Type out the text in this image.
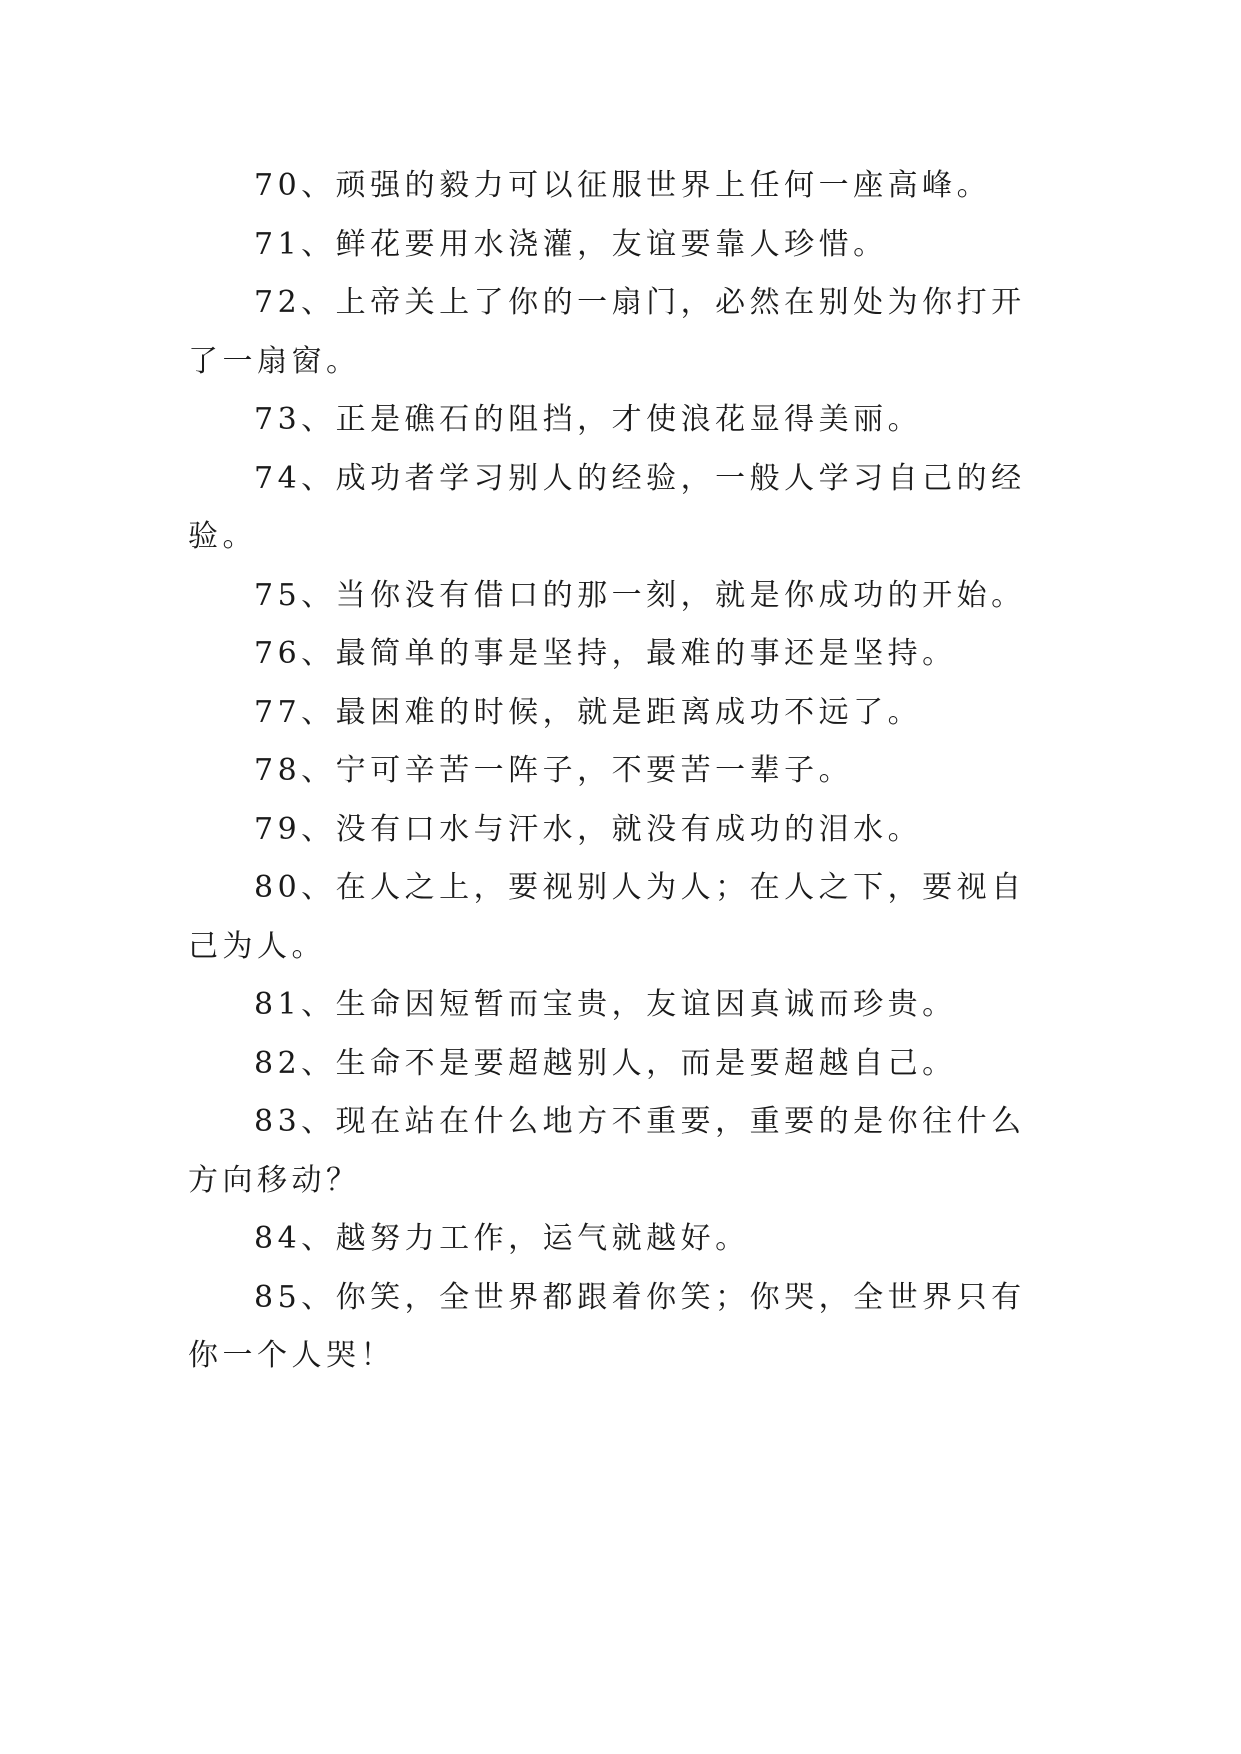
70、顽强的毅力可以征服世界上任何一座高峰。

71、鲜花要用水浇灌，友谊要靠人珍惜。

72、上帝关上了你的一扇门，必然在别处为你打开了一扇窗。

73、正是礁石的阻挡，才使浪花显得美丽。

74、成功者学习别人的经验，一般人学习自己的经验。

75、当你没有借口的那一刻，就是你成功的开始。

76、最简单的事是坚持，最难的事还是坚持。

77、最困难的时候，就是距离成功不远了。

78、宁可辛苦一阵子，不要苦一辈子。

79、没有口水与汗水，就没有成功的泪水。

80、在人之上，要视别人为人；在人之下，要视自己为人。

81、生命因短暂而宝贵，友谊因真诚而珍贵。

82、生命不是要超越别人，而是要超越自己。

83、现在站在什么地方不重要，重要的是你往什么方向移动？

84、越努力工作，运气就越好。

85、你笑，全世界都跟着你笑；你哭，全世界只有你一个人哭！
